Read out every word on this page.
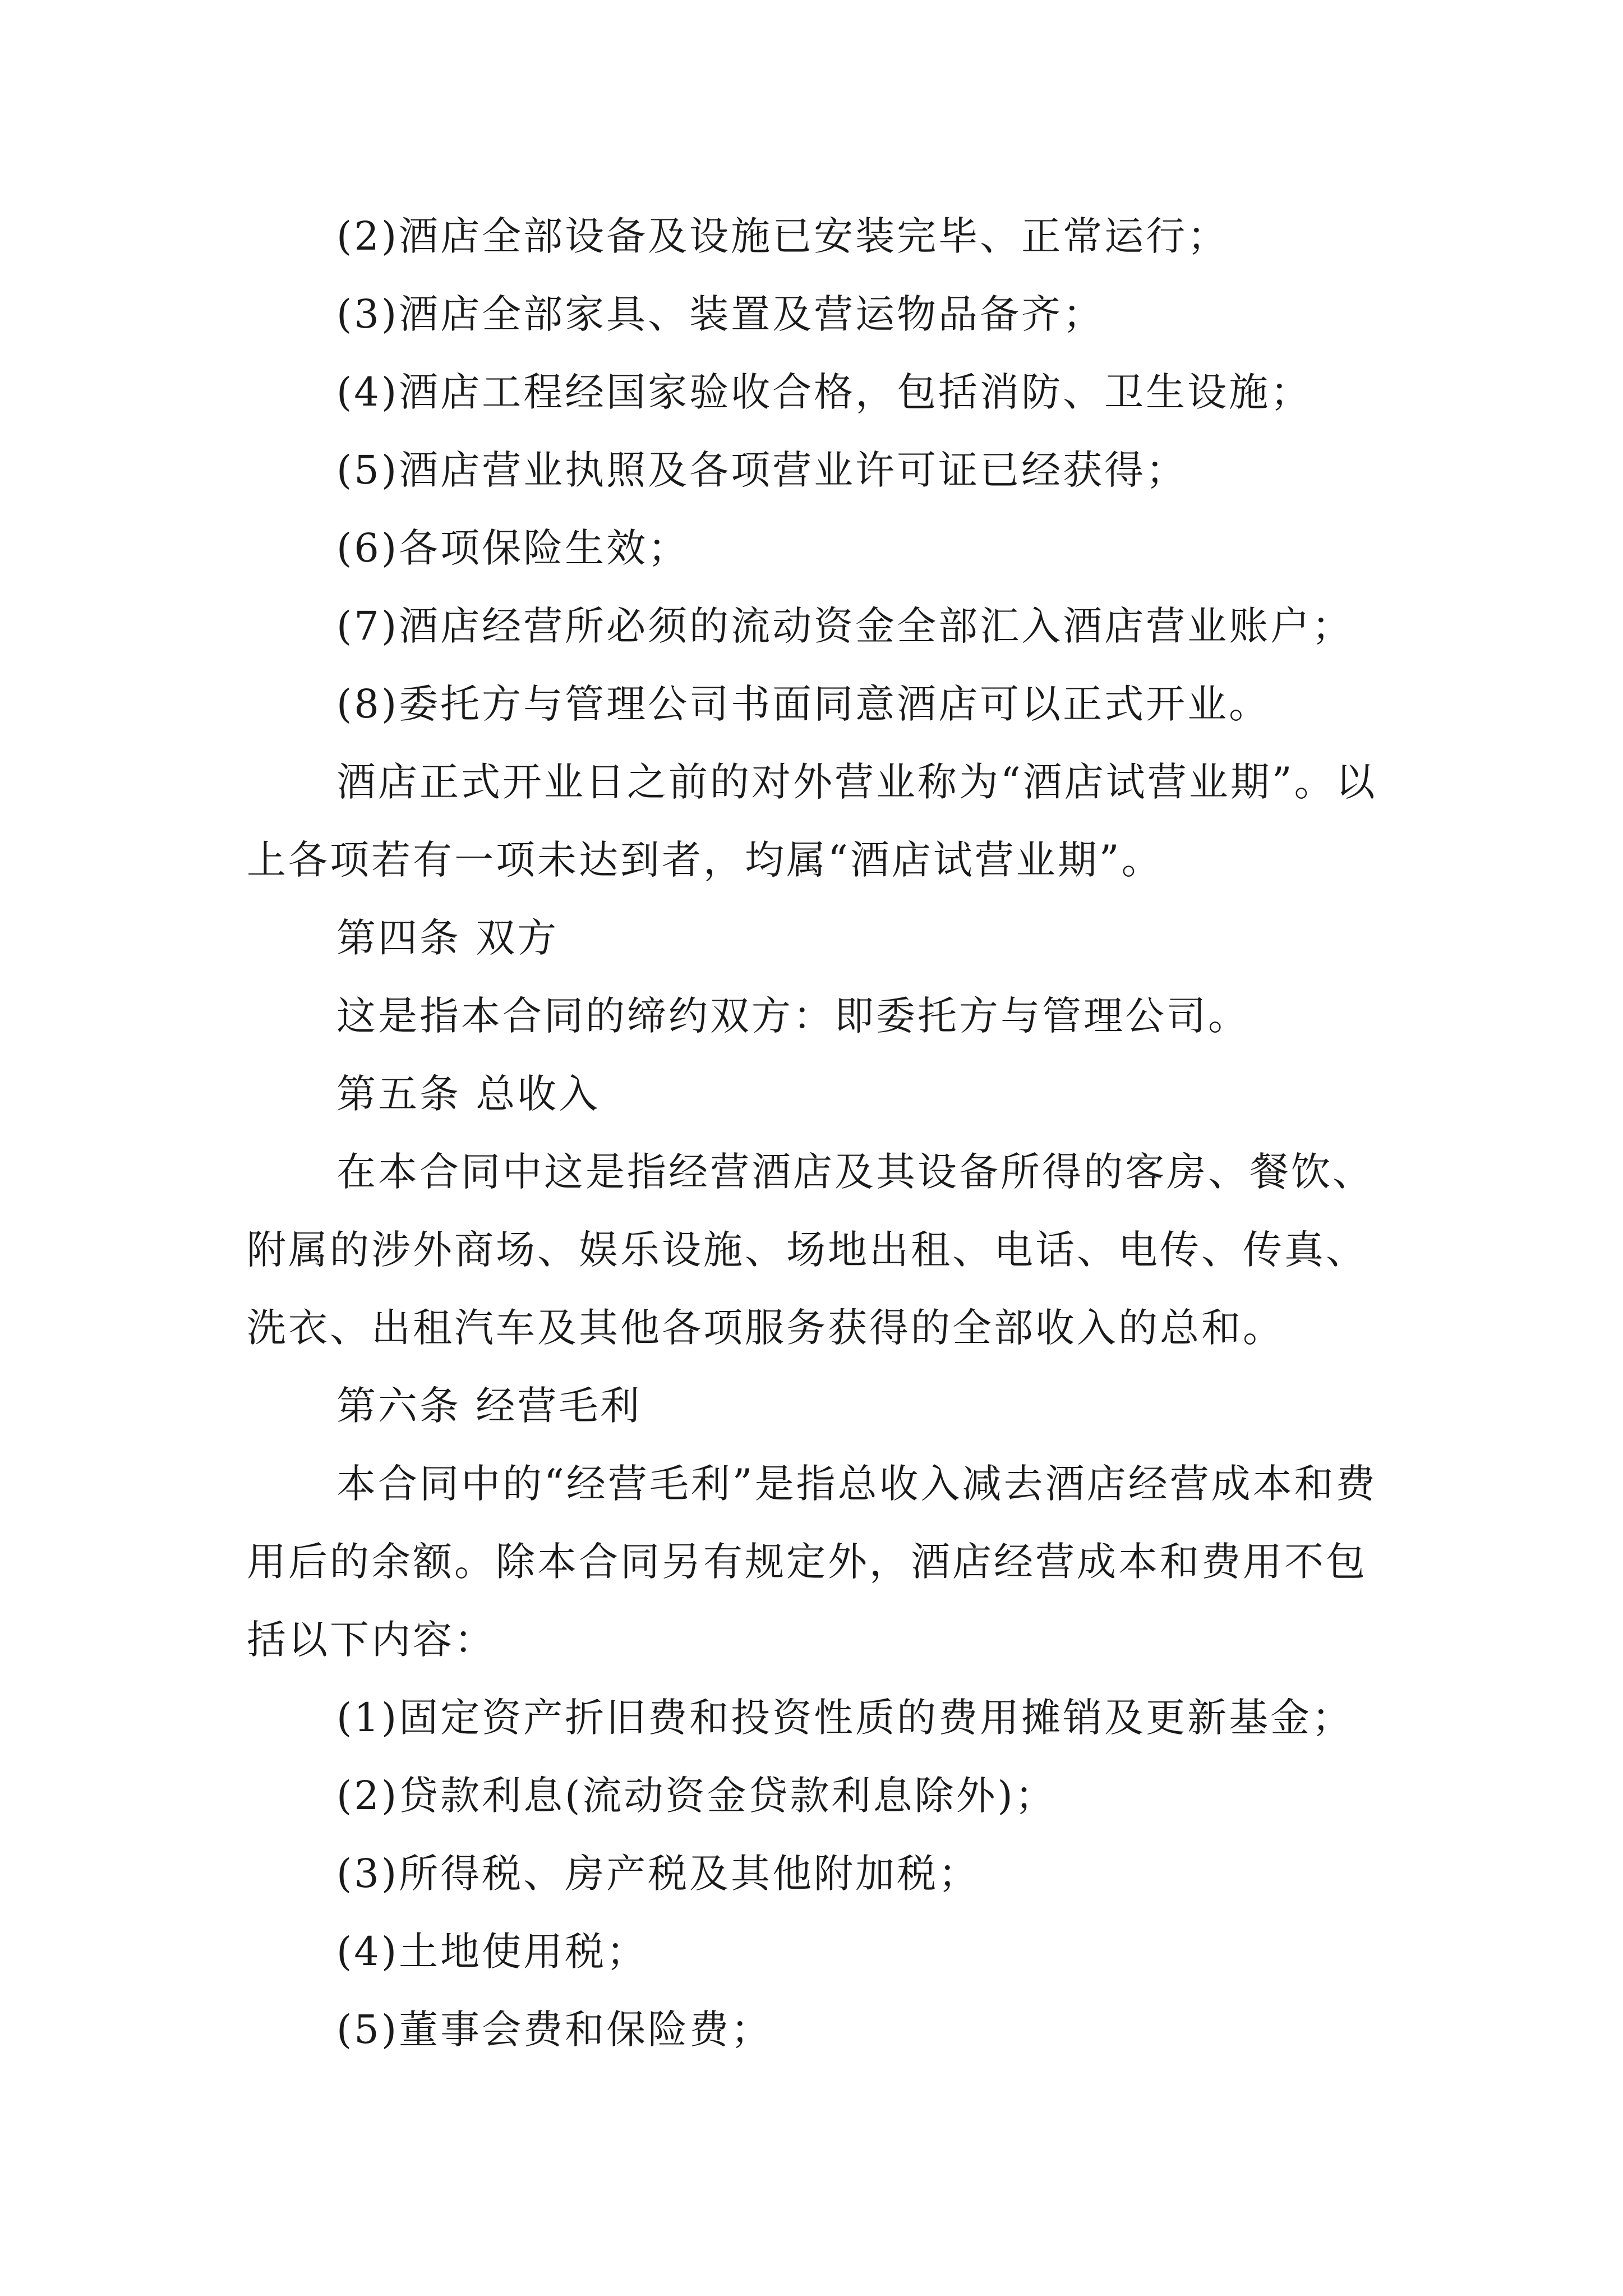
(2)酒店全部设备及设施已安装完毕、正常运行；

(3)酒店全部家具、装置及营运物品备齐；

(4)酒店工程经国家验收合格，包括消防、卫生设施；

(5)酒店营业执照及各项营业许可证已经获得；

(6)各项保险生效；

(7)酒店经营所必须的流动资金全部汇入酒店营业账户；

(8)委托方与管理公司书面同意酒店可以正式开业。

酒店正式开业日之前的对外营业称为“酒店试营业期”。以上各项若有一项未达到者，均属“酒店试营业期”。

第四条 双方

这是指本合同的缔约双方：即委托方与管理公司。

第五条 总收入

在本合同中这是指经营酒店及其设备所得的客房、餐饮、附属的涉外商场、娱乐设施、场地出租、电话、电传、传真、洗衣、出租汽车及其他各项服务获得的全部收入的总和。

第六条 经营毛利

本合同中的“经营毛利”是指总收入减去酒店经营成本和费用后的余额。除本合同另有规定外，酒店经营成本和费用不包括以下内容：

(1)固定资产折旧费和投资性质的费用摊销及更新基金；

(2)贷款利息(流动资金贷款利息除外)；

(3)所得税、房产税及其他附加税；

(4)土地使用税；

(5)董事会费和保险费；
